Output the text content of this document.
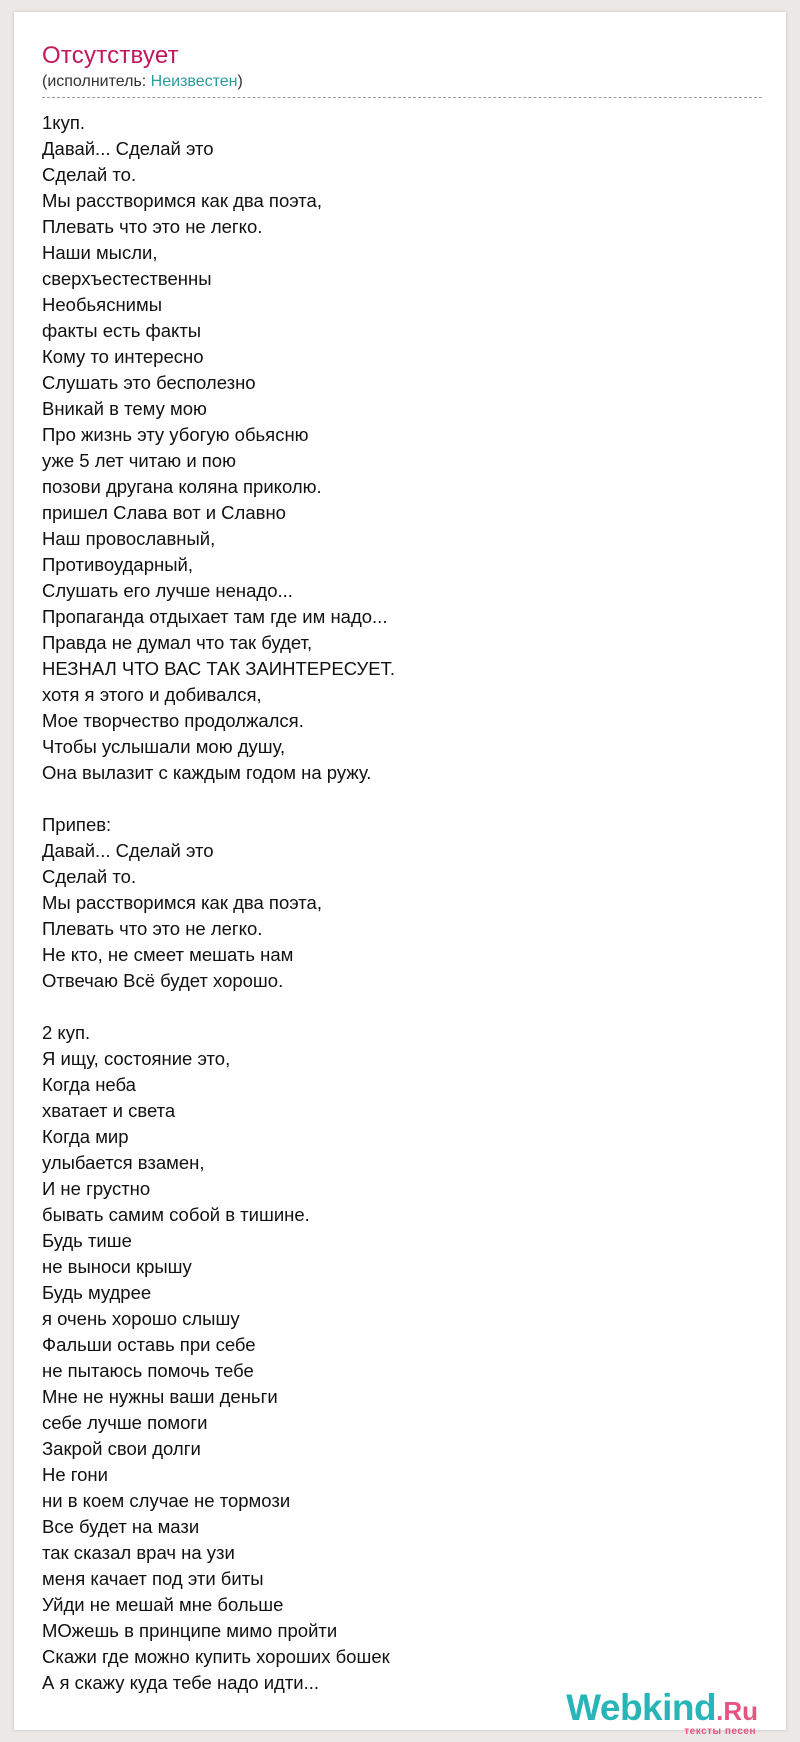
Отсутствует
(исполнитель: Неизвестен)
1куп.
Давай... Сделай это
Сделай то.
Мы расстворимся как два поэта,
Плевать что это не легко.
Наши мысли,
сверхъестественны
Необьяснимы
факты есть факты
Кому то интересно
Слушать это бесполезно
Вникай в тему мою
Про жизнь эту убогую обьясню
уже 5 лет читаю и пою
позови другана коляна приколю.
пришел Слава вот и Славно
Наш провославный,
Противоударный,
Слушать его лучше ненадо...
Пропаганда отдыхает там где им надо...
Правда не думал что так будет,
НЕЗНАЛ ЧТО ВАС ТАК ЗАИНТЕРЕСУЕТ.
хотя я этого и добивался,
Мое творчество продолжался.
Чтобы услышали мою душу,
Она вылазит с каждым годом на ружу.
Припев:
Давай... Сделай это
Сделай то.
Мы расстворимся как два поэта,
Плевать что это не легко.
Не кто, не смеет мешать нам
Отвечаю Всё будет хорошо.
2 куп.
Я ищу, состояние это,
Когда неба
хватает и света
Когда мир
улыбается взамен,
И не грустно
бывать самим собой в тишине.
Будь тише
не выноси крышу
Будь мудрее
я очень хорошо слышу
Фальши оставь при себе
не пытаюсь помочь тебе
Мне не нужны ваши деньги
себе лучше помоги
Закрой свои долги
Не гони
ни в коем случае не тормози
Все будет на мази
так сказал врач на узи
меня качает под эти биты
Уйди не мешай мне больше
МОжешь в принципе мимо пройти
Скажи где можно купить хороших бошек
А я скажу куда тебе надо идти...
Webkind.Ru
тексты песен
